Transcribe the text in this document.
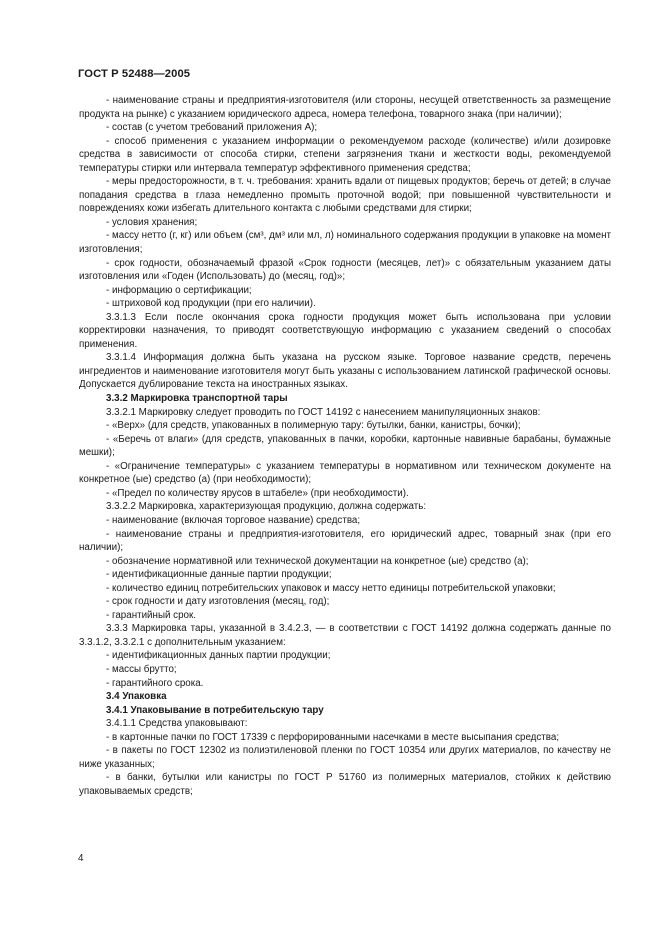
ГОСТ Р 52488—2005

- наименование страны и предприятия-изготовителя (или стороны, несущей ответственность за размещение продукта на рынке) с указанием юридического адреса, номера телефона, товарного знака (при наличии);

- состав (с учетом требований приложения А);

- способ применения с указанием информации о рекомендуемом расходе (количестве) и/или дозировке средства в зависимости от способа стирки, степени загрязнения ткани и жесткости воды, рекомендуемой температуры стирки или интервала температур эффективного применения средства;

- меры предосторожности, в т. ч. требования: хранить вдали от пищевых продуктов; беречь от детей; в случае попадания средства в глаза немедленно промыть проточной водой; при повышенной чувствительности и повреждениях кожи избегать длительного контакта с любыми средствами для стирки;

- условия хранения;

- массу нетто (г, кг) или объем (см³, дм³ или мл, л) номинального содержания продукции в упаковке на момент изготовления;

- срок годности, обозначаемый фразой «Срок годности (месяцев, лет)» с обязательным указанием даты изготовления или «Годен (Использовать) до (месяц, год)»;

- информацию о сертификации;

- штриховой код продукции (при его наличии).

3.3.1.3 Если после окончания срока годности продукция может быть использована при условии корректировки назначения, то приводят соответствующую информацию с указанием сведений о способах применения.

3.3.1.4 Информация должна быть указана на русском языке. Торговое название средств, перечень ингредиентов и наименование изготовителя могут быть указаны с использованием латинской графической основы. Допускается дублирование текста на иностранных языках.

3.3.2 Маркировка транспортной тары

3.3.2.1 Маркировку следует проводить по ГОСТ 14192 с нанесением манипуляционных знаков:

- «Верх» (для средств, упакованных в полимерную тару: бутылки, банки, канистры, бочки);

- «Беречь от влаги» (для средств, упакованных в пачки, коробки, картонные навивные барабаны, бумажные мешки);

- «Ограничение температуры» с указанием температуры в нормативном или техническом документе на конкретное (ые) средство (а) (при необходимости);

- «Предел по количеству ярусов в штабеле» (при необходимости).

3.3.2.2 Маркировка, характеризующая продукцию, должна содержать:

- наименование (включая торговое название) средства;

- наименование страны и предприятия-изготовителя, его юридический адрес, товарный знак (при его наличии);

- обозначение нормативной или технической документации на конкретное (ые) средство (а);

- идентификационные данные партии продукции;

- количество единиц потребительских упаковок и массу нетто единицы потребительской упаковки;

- срок годности и дату изготовления (месяц, год);

- гарантийный срок.

3.3.3 Маркировка тары, указанной в 3.4.2.3, — в соответствии с ГОСТ 14192 должна содержать данные по 3.3.1.2, 3.3.2.1 с дополнительным указанием:

- идентификационных данных партии продукции;

- массы брутто;

- гарантийного срока.

3.4 Упаковка

3.4.1 Упаковывание в потребительскую тару

3.4.1.1 Средства упаковывают:

- в картонные пачки по ГОСТ 17339 с перфорированными насечками в месте высыпания средства;

- в пакеты по ГОСТ 12302 из полиэтиленовой пленки по ГОСТ 10354 или других материалов, по качеству не ниже указанных;

- в банки, бутылки или канистры по ГОСТ Р 51760 из полимерных материалов, стойких к действию упаковываемых средств;

4
